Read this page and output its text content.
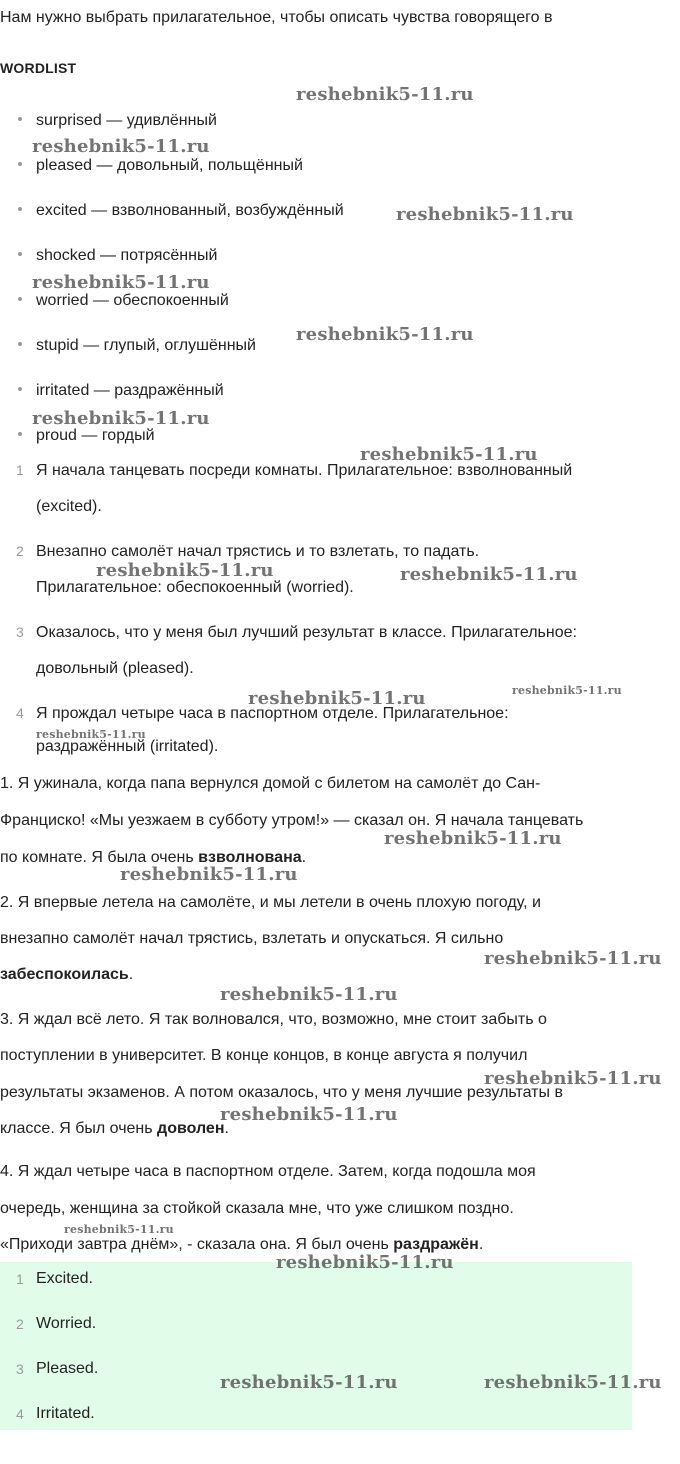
Нам нужно выбрать прилагательное, чтобы описать чувства говорящего в
WORDLIST
surprised — удивлённый
pleased — довольный, польщённый
excited — взволнованный, возбуждённый
shocked — потрясённый
worried — обеспокоенный
stupid — глупый, оглушённый
irritated — раздражённый
proud — гордый
1 Я начала танцевать посреди комнаты. Прилагательное: взволнованный
(excited).
2 Внезапно самолёт начал трястись и то взлетать, то падать.
Прилагательное: обеспокоенный (worried).
3 Оказалось, что у меня был лучший результат в классе. Прилагательное:
довольный (pleased).
4 Я прождал четыре часа в паспортном отделе. Прилагательное:
раздражённый (irritated).
1. Я ужинала, когда папа вернулся домой с билетом на самолёт до Сан-
Франциско! «Мы уезжаем в субботу утром!» — сказал он. Я начала танцевать
по комнате. Я была очень взволнована.
2. Я впервые летела на самолёте, и мы летели в очень плохую погоду, и
внезапно самолёт начал трястись, взлетать и опускаться. Я сильно
забеспокоилась.
3. Я ждал всё лето. Я так волновался, что, возможно, мне стоит забыть о
поступлении в университет. В конце концов, в конце августа я получил
результаты экзаменов. А потом оказалось, что у меня лучшие результаты в
классе. Я был очень доволен.
4. Я ждал четыре часа в паспортном отделе. Затем, когда подошла моя
очередь, женщина за стойкой сказала мне, что уже слишком поздно.
«Приходи завтра днём», - сказала она. Я был очень раздражён.
1 Excited.
2 Worried.
3 Pleased.
4 Irritated.
reshebnik5-11.ru
reshebnik5-11.ru
reshebnik5-11.ru
reshebnik5-11.ru
reshebnik5-11.ru
reshebnik5-11.ru
reshebnik5-11.ru
reshebnik5-11.ru	reshebnik5-11.ru
reshebnik5-11.ru	reshebnik5-11.ru
reshebnik5-11.ru
reshebnik5-11.ru
reshebnik5-11.ru
reshebnik5-11.ru
reshebnik5-11.ru
reshebnik5-11.ru
reshebnik5-11.ru
reshebnik5-11.ru
reshebnik5-11.ru
reshebnik5-11.ru	reshebnik5-11.ru
